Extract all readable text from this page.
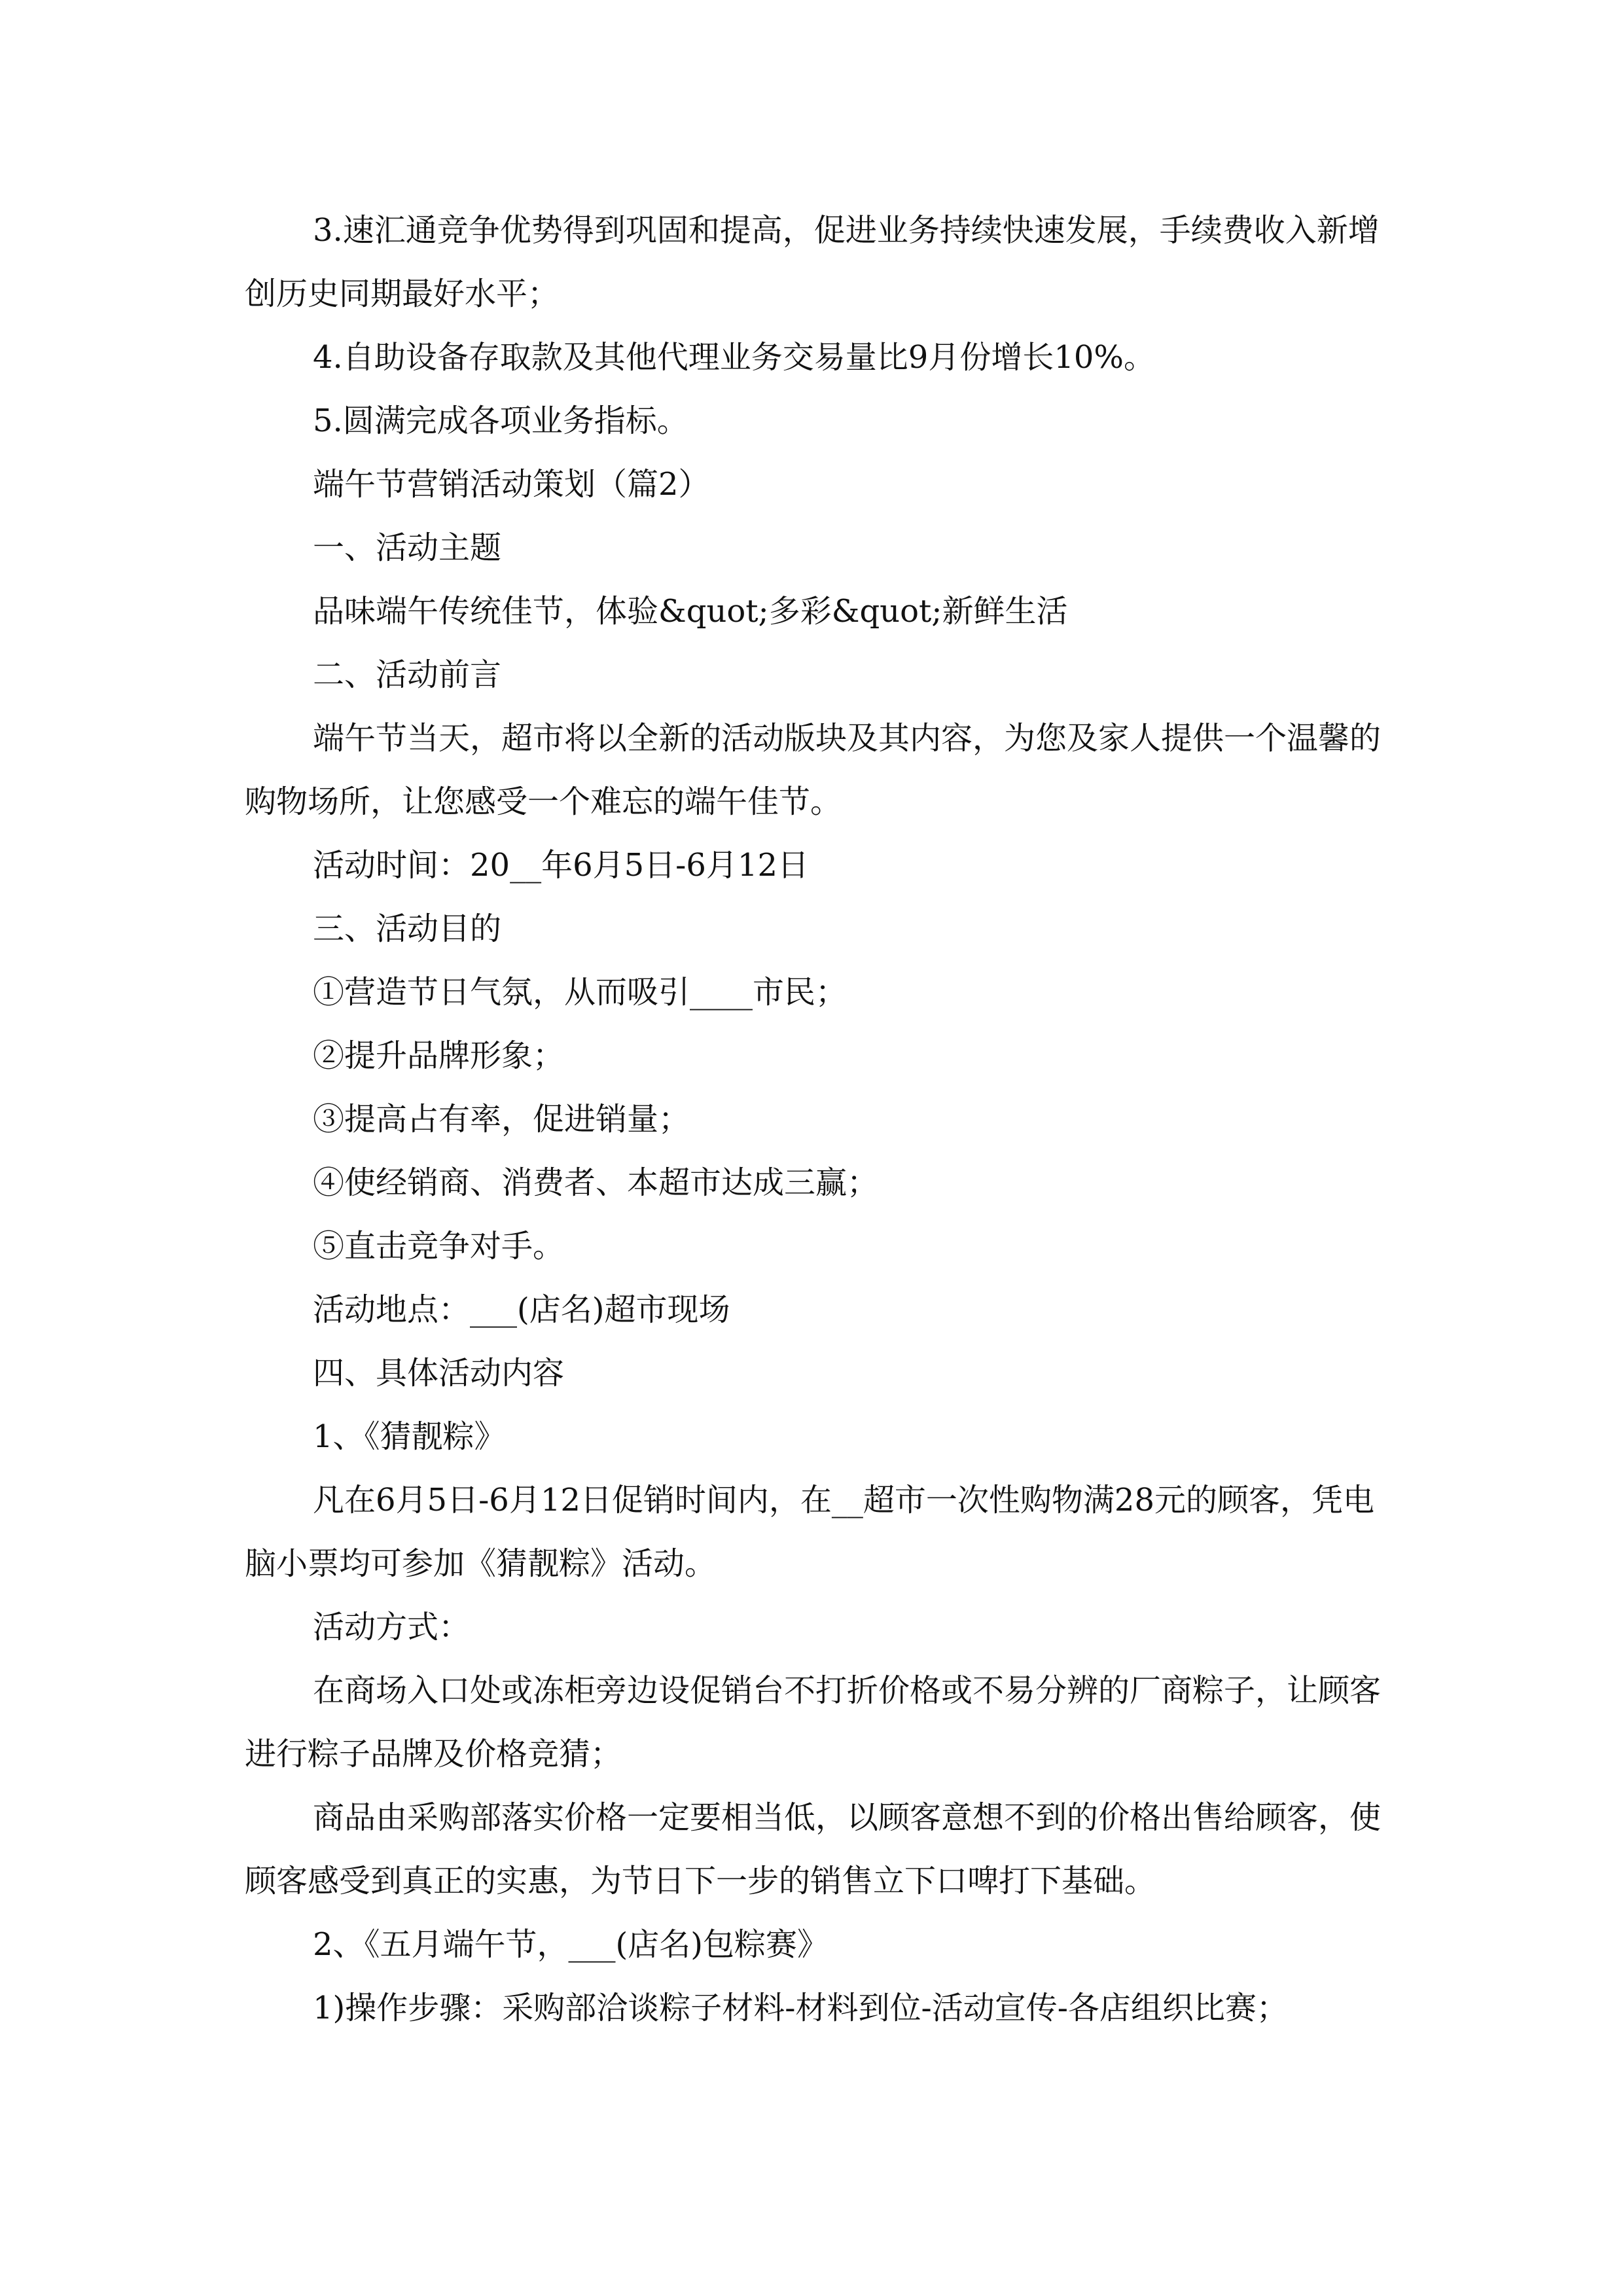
3.速汇通竞争优势得到巩固和提高，促进业务持续快速发展，手续费收入新增创历史同期最好水平；

4.自助设备存取款及其他代理业务交易量比9月份增长10%。

5.圆满完成各项业务指标。

端午节营销活动策划（篇2）

一、活动主题

品味端午传统佳节，体验&quot;多彩&quot;新鲜生活

二、活动前言

端午节当天，超市将以全新的活动版块及其内容，为您及家人提供一个温馨的购物场所，让您感受一个难忘的端午佳节。

活动时间：20__年6月5日-6月12日

三、活动目的

①营造节日气氛，从而吸引____市民；

②提升品牌形象；

③提高占有率，促进销量；

④使经销商、消费者、本超市达成三赢；

⑤直击竞争对手。

活动地点：___(店名)超市现场

四、具体活动内容

1、《猜靓粽》

凡在6月5日-6月12日促销时间内，在__超市一次性购物满28元的顾客，凭电脑小票均可参加《猜靓粽》活动。

活动方式：

在商场入口处或冻柜旁边设促销台不打折价格或不易分辨的厂商粽子，让顾客进行粽子品牌及价格竞猜；

商品由采购部落实价格一定要相当低，以顾客意想不到的价格出售给顾客，使顾客感受到真正的实惠，为节日下一步的销售立下口啤打下基础。

2、《五月端午节，___(店名)包粽赛》

1)操作步骤：采购部洽谈粽子材料-材料到位-活动宣传-各店组织比赛；
